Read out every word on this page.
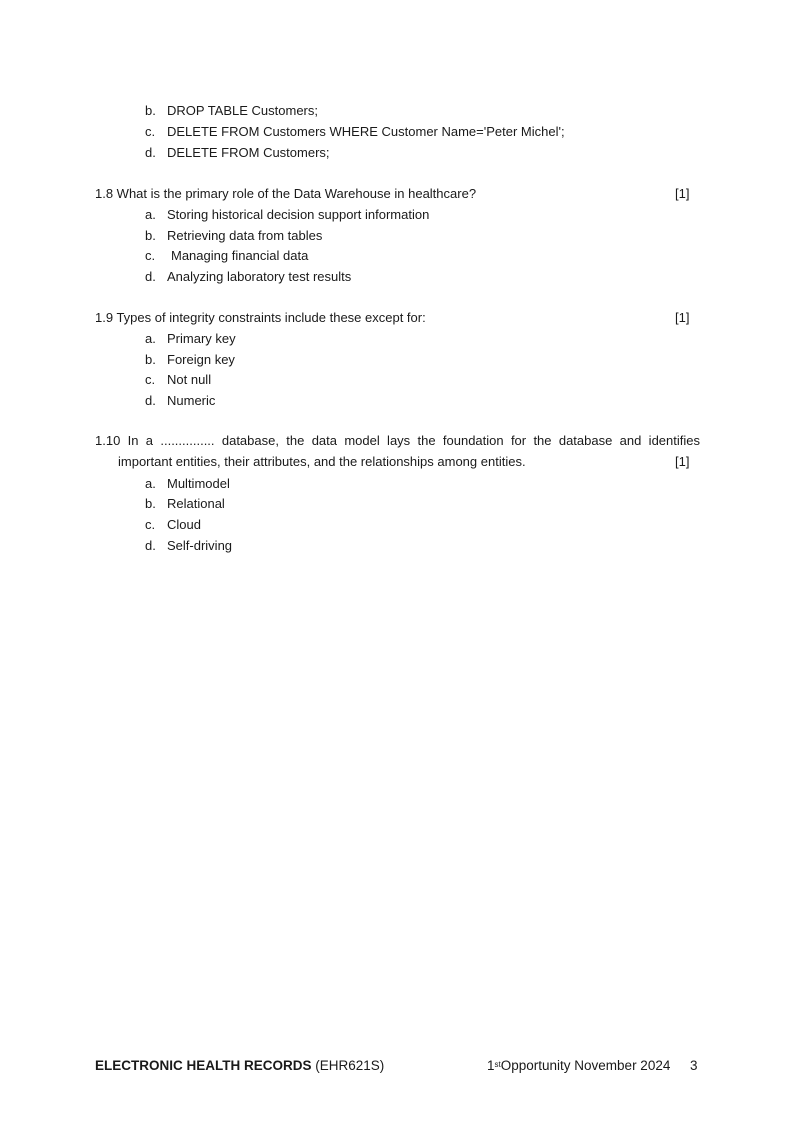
b. DROP TABLE Customers;
c. DELETE FROM Customers WHERE Customer Name='Peter Michel';
d. DELETE FROM Customers;
1.8 What is the primary role of the Data Warehouse in healthcare?	[1]
a. Storing historical decision support information
b. Retrieving data from tables
c. Managing financial data
d. Analyzing laboratory test results
1.9 Types of integrity constraints include these except for:	[1]
a. Primary key
b. Foreign key
c. Not null
d. Numeric
1.10 In a ............... database, the data model lays the foundation for the database and identifies
important entities, their attributes, and the relationships among entities.	[1]
a. Multimodel
b. Relational
c. Cloud
d. Self-driving
ELECTRONIC HEALTH RECORDS (EHR621S)	1stOpportunity November 2024 3
